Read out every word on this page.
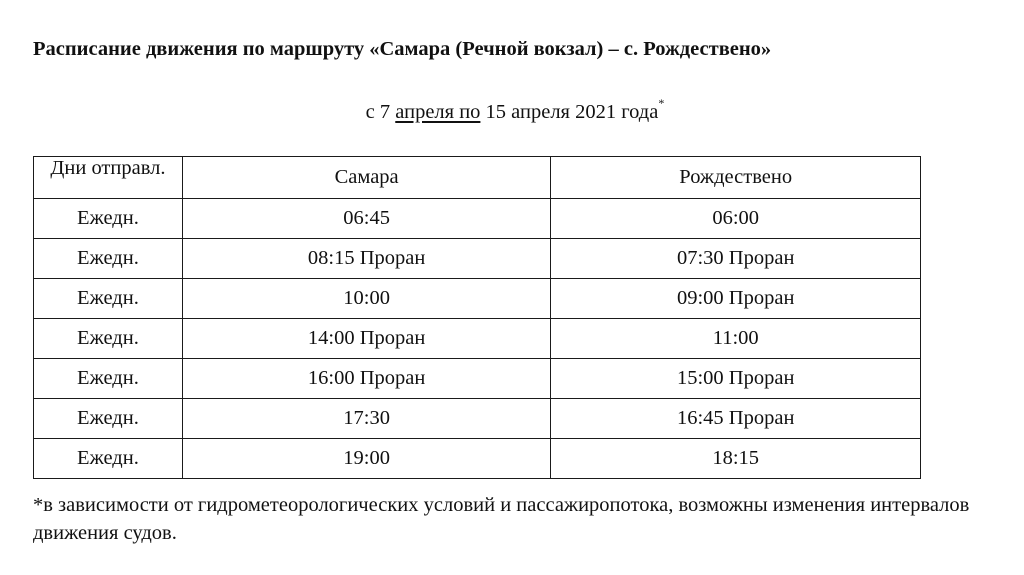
Расписание движения по маршруту «Самара (Речной вокзал) – с. Рождествено»
с 7 апреля по 15 апреля 2021 года*
Дни отправл.	Самара	Рождествено
Ежедн.	06:45	06:00
Ежедн.	08:15 Проран	07:30 Проран
Ежедн.	10:00	09:00 Проран
Ежедн.	14:00 Проран	11:00
Ежедн.	16:00 Проран	15:00 Проран
Ежедн.	17:30	16:45 Проран
Ежедн.	19:00	18:15
*в зависимости от гидрометеорологических условий и пассажиропотока, возможны изменения интервалов движения судов.
